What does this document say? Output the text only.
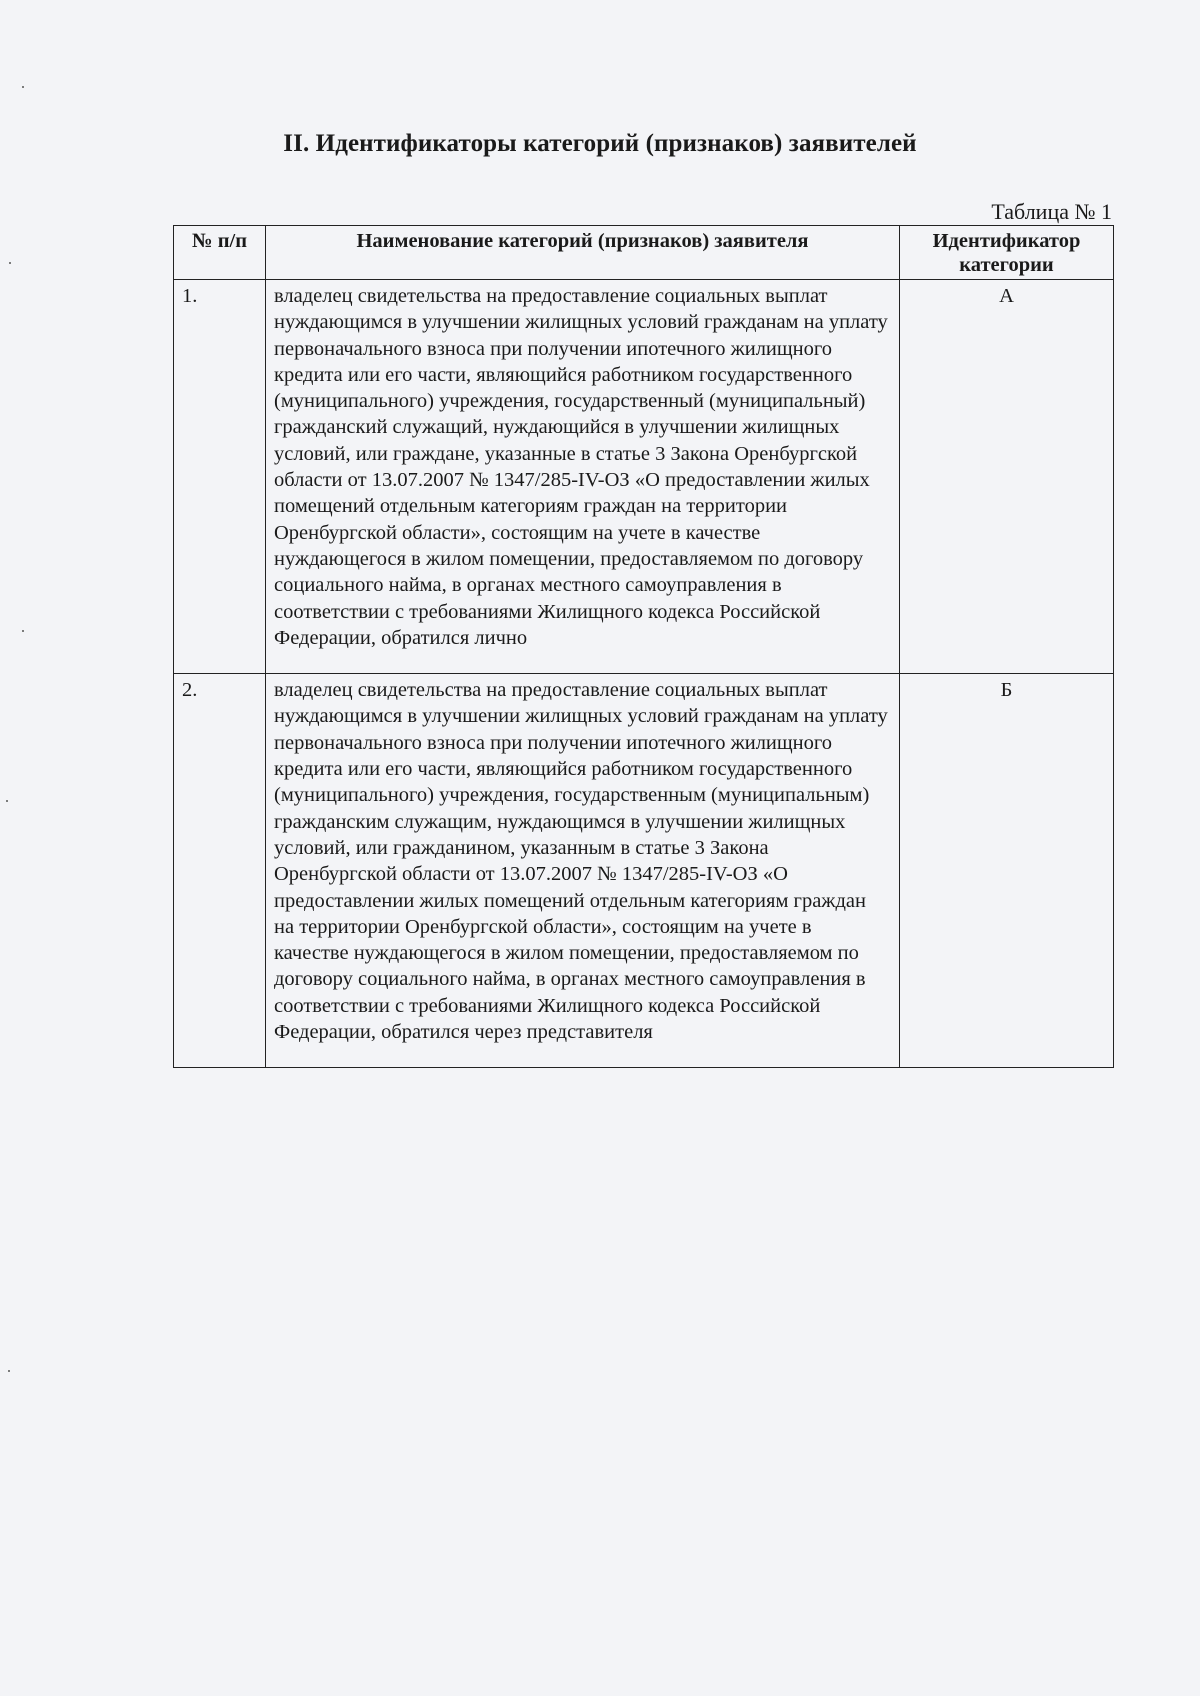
II. Идентификаторы категорий (признаков) заявителей
Таблица № 1
№ п/п	Наименование категорий (признаков) заявителя	Идентификатор категории
1.	владелец свидетельства на предоставление социальных выплат нуждающимся в улучшении жилищных условий гражданам на уплату первоначального взноса при получении ипотечного жилищного кредита или его части, являющийся работником государственного (муниципального) учреждения, государственный (муниципальный) гражданский служащий, нуждающийся в улучшении жилищных условий, или граждане, указанные в статье 3 Закона Оренбургской области от 13.07.2007 № 1347/285-IV-ОЗ «О предоставлении жилых помещений отдельным категориям граждан на территории Оренбургской области», состоящим на учете в качестве нуждающегося в жилом помещении, предоставляемом по договору социального найма, в органах местного самоуправления в соответствии с требованиями Жилищного кодекса Российской Федерации, обратился лично	А
2.	владелец свидетельства на предоставление социальных выплат нуждающимся в улучшении жилищных условий гражданам на уплату первоначального взноса при получении ипотечного жилищного кредита или его части, являющийся работником государственного (муниципального) учреждения, государственным (муниципальным) гражданским служащим, нуждающимся в улучшении жилищных условий, или гражданином, указанным в статье 3 Закона Оренбургской области от 13.07.2007 № 1347/285-IV-ОЗ «О предоставлении жилых помещений отдельным категориям граждан на территории Оренбургской области», состоящим на учете в качестве нуждающегося в жилом помещении, предоставляемом по договору социального найма, в органах местного самоуправления в соответствии с требованиями Жилищного кодекса Российской Федерации, обратился через представителя	Б
